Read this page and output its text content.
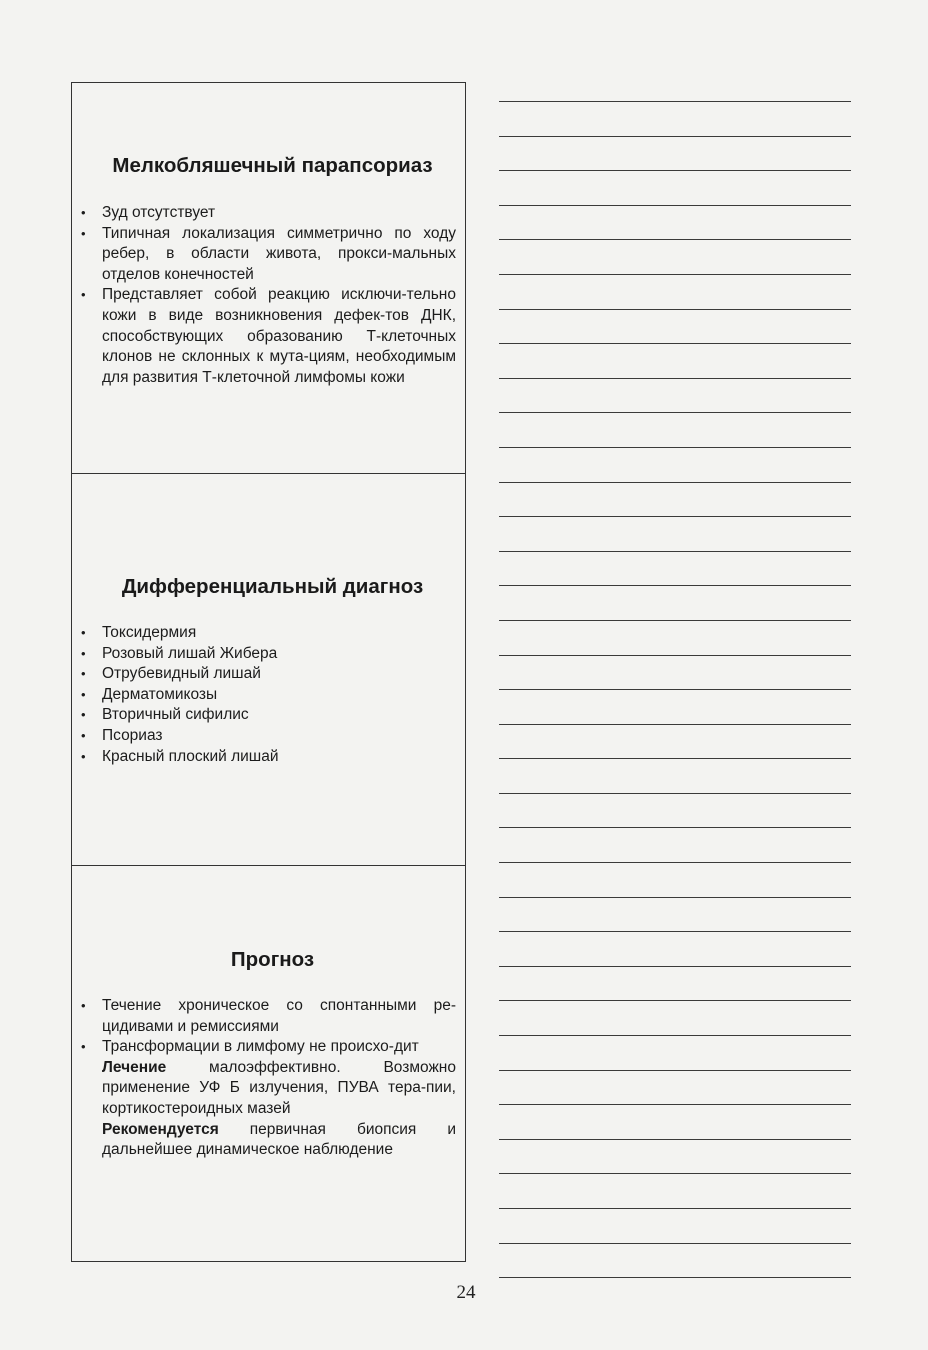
Мелкобляшечный парапсориаз
• Зуд отсутствует
• Типичная локализация симметрично по ходу ребер, в области живота, прокси-мальных отделов конечностей
• Представляет собой реакцию исключи-тельно кожи в виде возникновения дефек-тов ДНК, способствующих образованию Т-клеточных клонов не склонных к мута-циям, необходимым для развития Т-клеточной лимфомы кожи
Дифференциальный диагноз
• Токсидермия
• Розовый лишай Жибера
• Отрубевидный лишай
• Дерматомикозы
• Вторичный сифилис
• Псориаз
• Красный плоский лишай
Прогноз
• Течение хроническое со спонтанными ре-цидивами и ремиссиями
• Трансформации в лимфому не происхо-дит
Лечение малоэффективно. Возможно применение УФ Б излучения, ПУВА тера-пии, кортикостероидных мазей
Рекомендуется первичная биопсия и дальнейшее динамическое наблюдение
24
